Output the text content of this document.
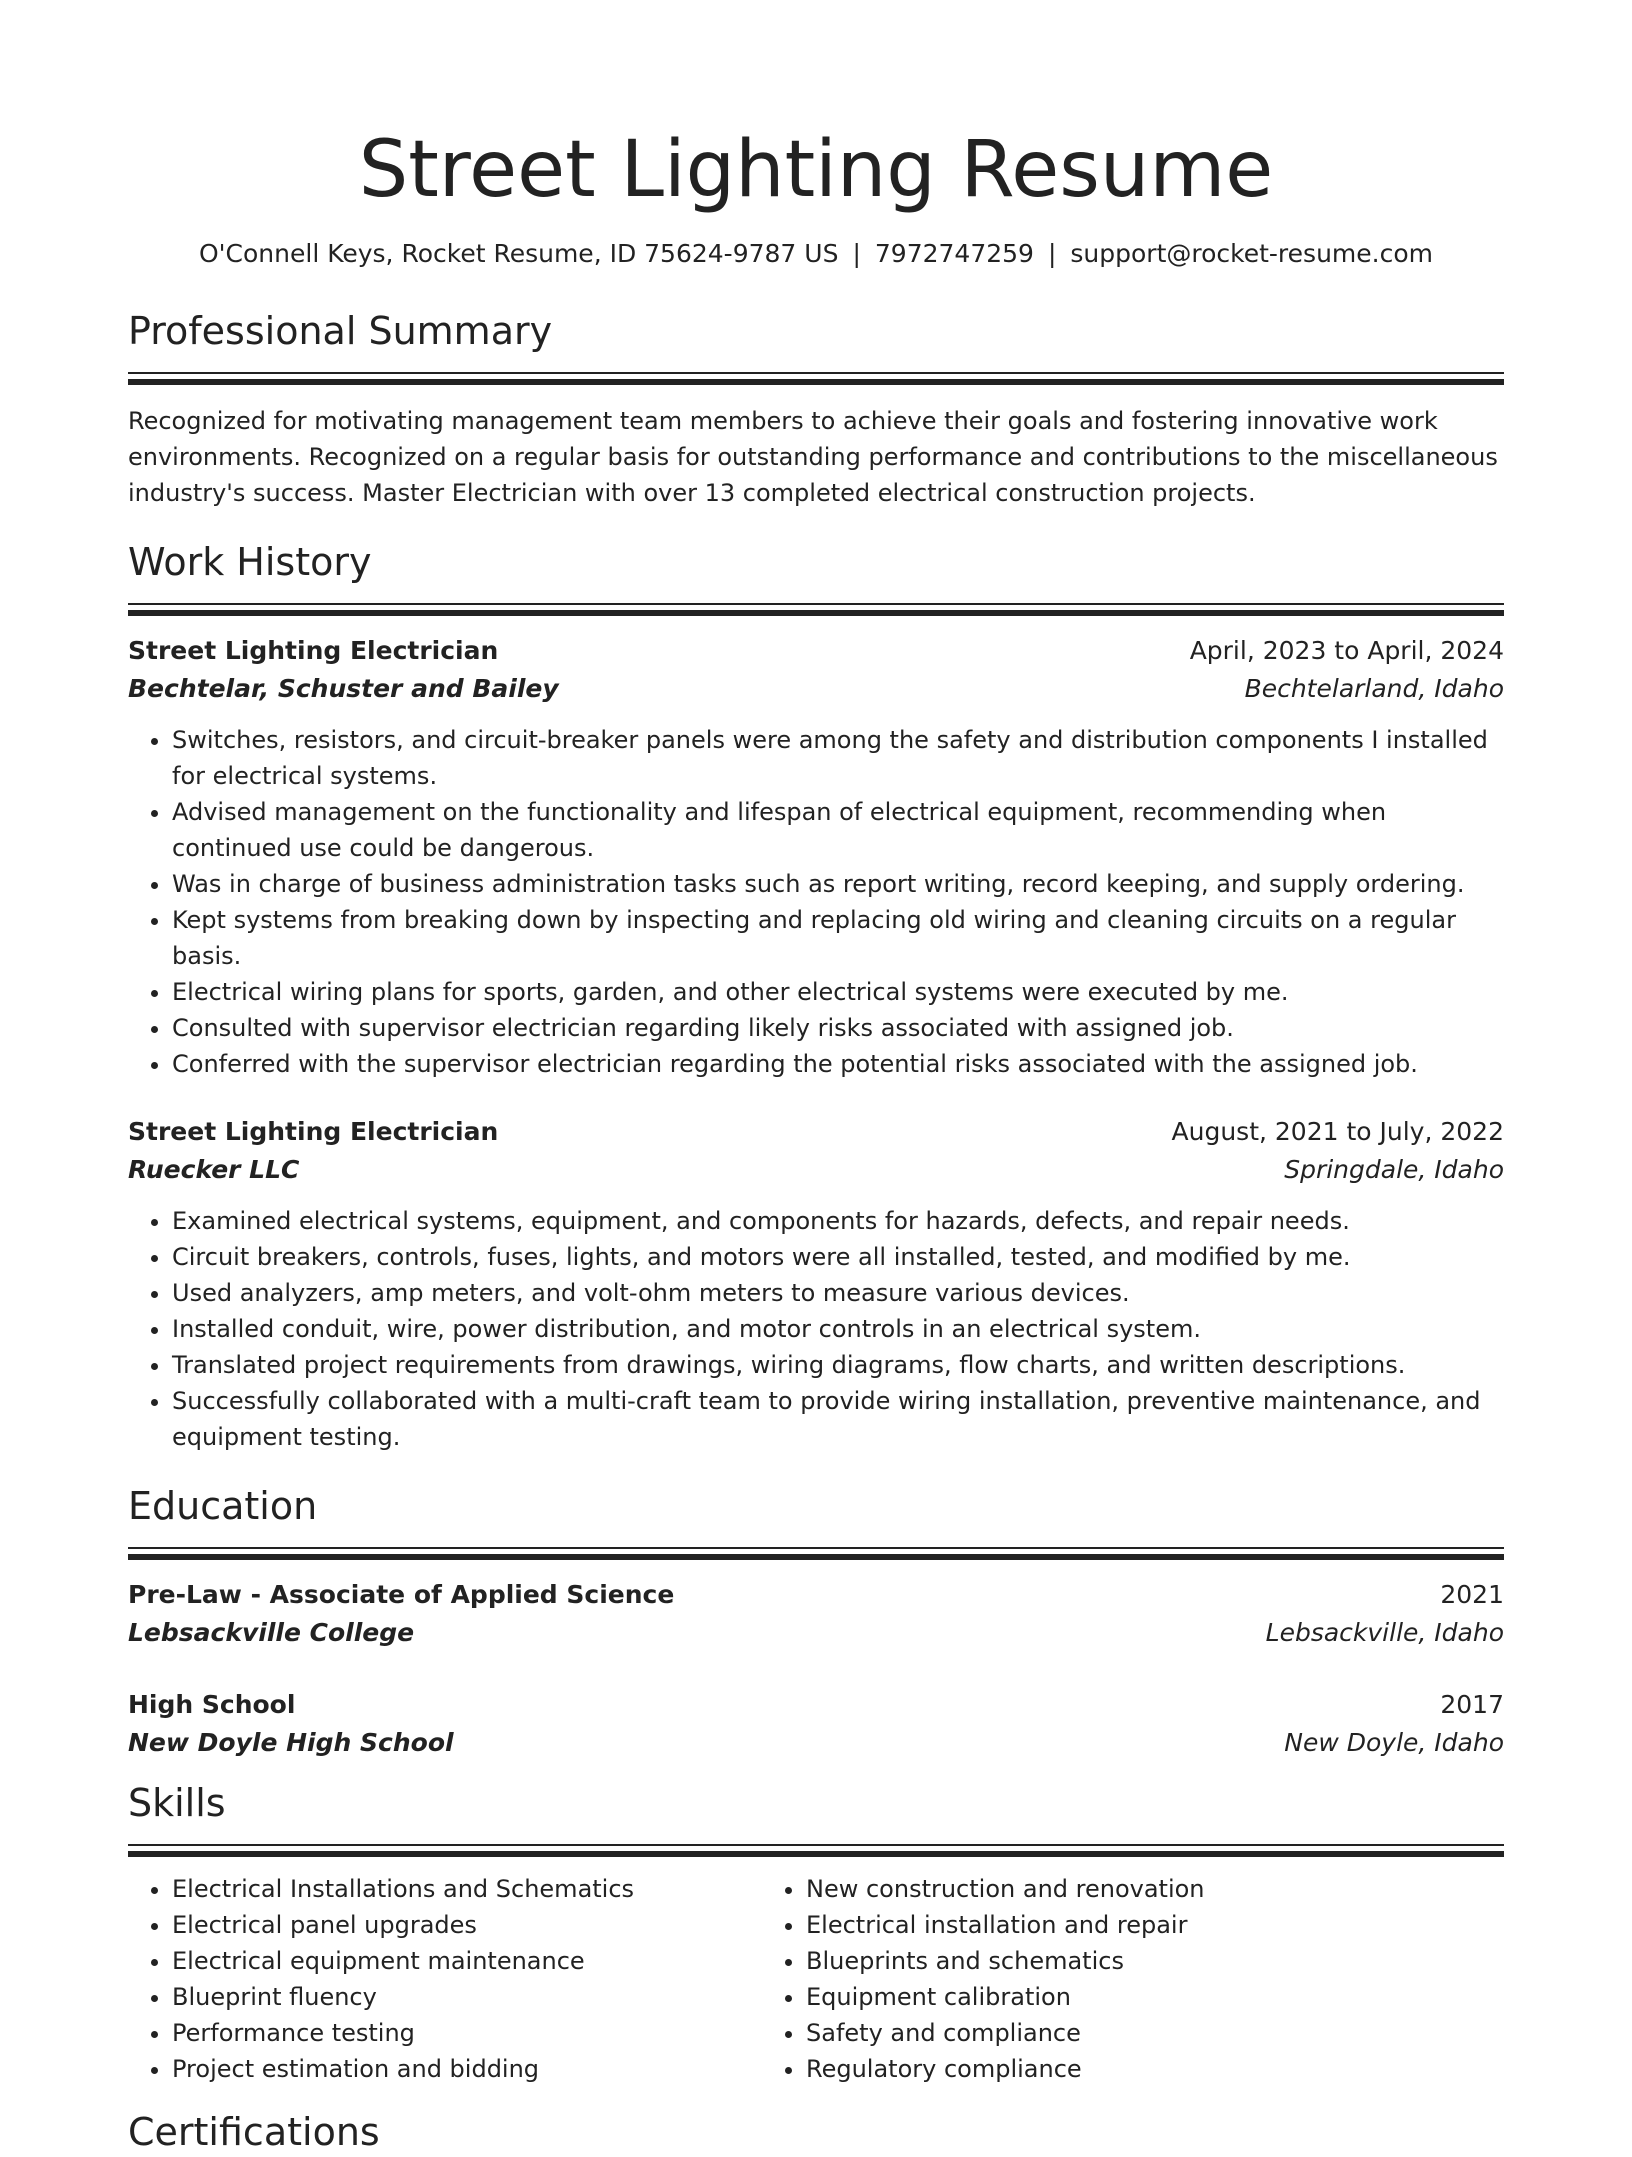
Street Lighting Resume
O'Connell Keys, Rocket Resume, ID 75624-9787 US | 7972747259 | support@rocket-resume.com
Professional Summary

Recognized for motivating management team members to achieve their goals and fostering innovative work environments. Recognized on a regular basis for outstanding performance and contributions to the miscellaneous industry's success. Master Electrician with over 13 completed electrical construction projects.

Work History
Street Lighting Electrician	April, 2023 to April, 2024
Bechtelar, Schuster and Bailey	Bechtelarland, Idaho
• Switches, resistors, and circuit-breaker panels were among the safety and distribution components I installed for electrical systems.
• Advised management on the functionality and lifespan of electrical equipment, recommending when continued use could be dangerous.
• Was in charge of business administration tasks such as report writing, record keeping, and supply ordering.
• Kept systems from breaking down by inspecting and replacing old wiring and cleaning circuits on a regular basis.
• Electrical wiring plans for sports, garden, and other electrical systems were executed by me.
• Consulted with supervisor electrician regarding likely risks associated with assigned job.
• Conferred with the supervisor electrician regarding the potential risks associated with the assigned job.
Street Lighting Electrician	August, 2021 to July, 2022
Ruecker LLC	Springdale, Idaho
• Examined electrical systems, equipment, and components for hazards, defects, and repair needs.
• Circuit breakers, controls, fuses, lights, and motors were all installed, tested, and modified by me.
• Used analyzers, amp meters, and volt-ohm meters to measure various devices.
• Installed conduit, wire, power distribution, and motor controls in an electrical system.
• Translated project requirements from drawings, wiring diagrams, flow charts, and written descriptions.
• Successfully collaborated with a multi-craft team to provide wiring installation, preventive maintenance, and equipment testing.
Education
Pre-Law - Associate of Applied Science	2021
Lebsackville College	Lebsackville, Idaho
High School	2017
New Doyle High School	New Doyle, Idaho
Skills
• Electrical Installations and Schematics
• Electrical panel upgrades
• Electrical equipment maintenance
• Blueprint fluency
• Performance testing
• Project estimation and bidding
• New construction and renovation
• Electrical installation and repair
• Blueprints and schematics
• Equipment calibration
• Safety and compliance
• Regulatory compliance
Certifications
